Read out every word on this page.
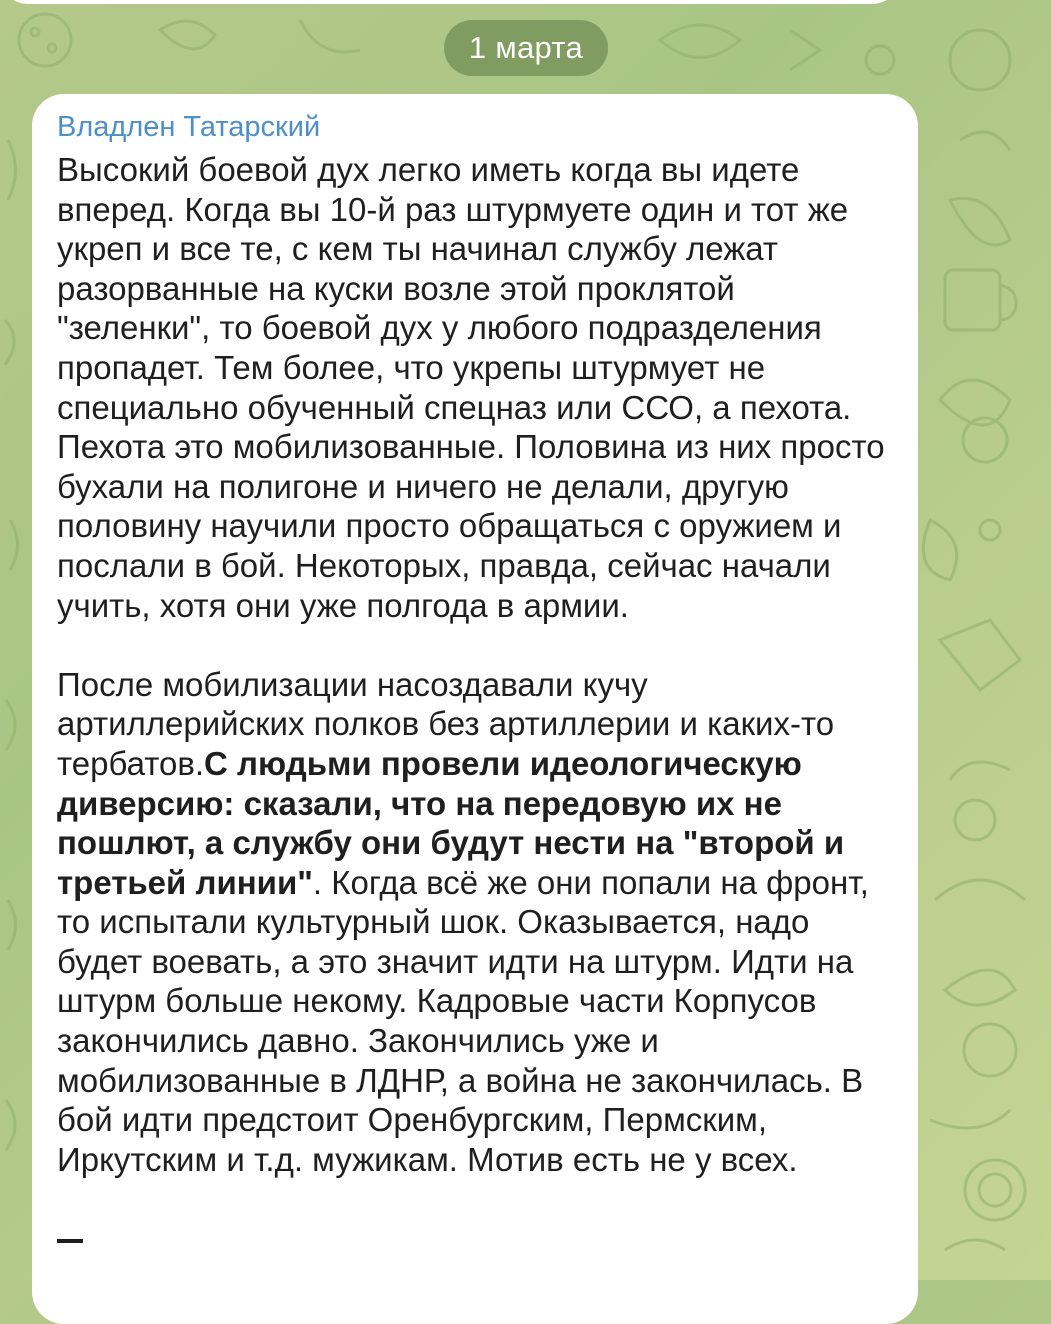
1 марта
Владлен Татарский
Высокий боевой дух легко иметь когда вы идете вперед. Когда вы 10-й раз штурмуете один и тот же укреп и все те, с кем ты начинал службу лежат разорванные на куски возле этой проклятой "зеленки", то боевой дух у любого подразделения пропадет. Тем более, что укрепы штурмует не специально обученный спецназ или ССО, а пехота. Пехота это мобилизованные. Половина из них просто бухали на полигоне и ничего не делали, другую половину научили просто обращаться с оружием и послали в бой. Некоторых, правда, сейчас начали учить, хотя они уже полгода в армии.
После мобилизации насоздавали кучу артиллерийских полков без артиллерии и каких-то тербатов.С людьми провели идеологическую диверсию: сказали, что на передовую их не пошлют, а службу они будут нести на "второй и третьей линии". Когда всё же они попали на фронт, то испытали культурный шок. Оказывается, надо будет воевать, а это значит идти на штурм. Идти на штурм больше некому. Кадровые части Корпусов закончились давно. Закончились уже и мобилизованные в ЛДНР, а война не закончилась. В бой идти предстоит Оренбургским, Пермским, Иркутским и т.д. мужикам. Мотив есть не у всех.
